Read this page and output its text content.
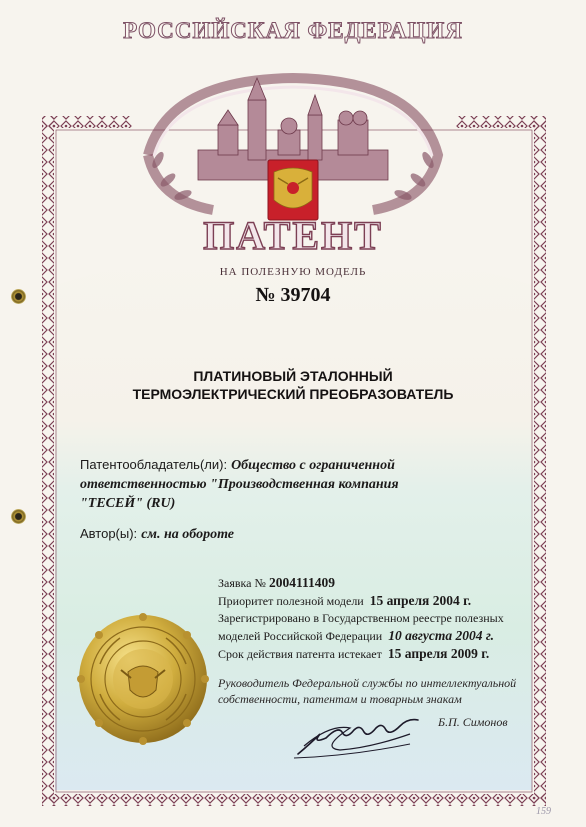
РОССИЙСКАЯ ФЕДЕРАЦИЯ
ПАТЕНТ
НА ПОЛЕЗНУЮ МОДЕЛЬ
№ 39704
ПЛАТИНОВЫЙ ЭТАЛОННЫЙ
ТЕРМОЭЛЕКТРИЧЕСКИЙ ПРЕОБРАЗОВАТЕЛЬ
Патентообладатель(ли): Общество с ограниченной
ответственностью "Производственная компания
"ТЕСЕЙ" (RU)
Автор(ы): см. на обороте
Заявка № 2004111409
Приоритет полезной модели 15 апреля 2004 г.
Зарегистрировано в Государственном реестре полезных
моделей Российской Федерации 10 августа 2004 г.
Срок действия патента истекает 15 апреля 2009 г.
Руководитель Федеральной службы по интеллектуальной
собственности, патентам и товарным знакам
Б.П. Симонов
159
